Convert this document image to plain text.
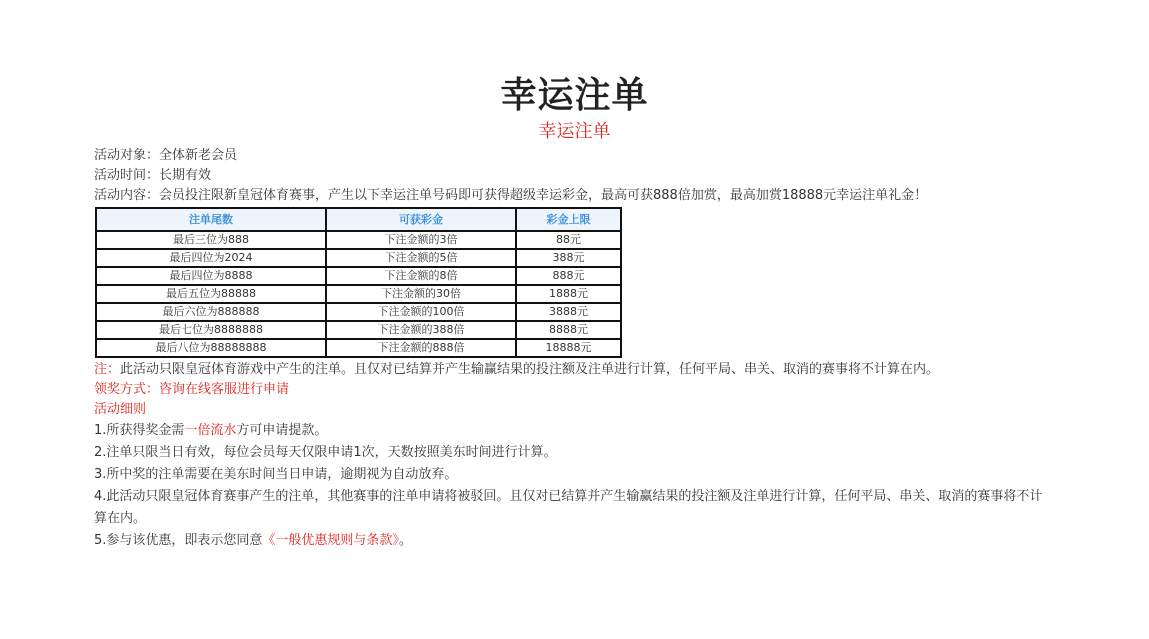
幸运注单
幸运注单
活动对象：全体新老会员
活动时间：长期有效
活动内容：会员投注限新皇冠体育赛事，产生以下幸运注单号码即可获得超级幸运彩金，最高可获888倍加赏，最高加赏18888元幸运注单礼金！
注单尾数	可获彩金	彩金上限
最后三位为888	下注金额的3倍	88元
最后四位为2024	下注金额的5倍	388元
最后四位为8888	下注金额的8倍	888元
最后五位为88888	下注金额的30倍	1888元
最后六位为888888	下注金额的100倍	3888元
最后七位为8888888	下注金额的388倍	8888元
最后八位为88888888	下注金额的888倍	18888元
注：此活动只限皇冠体育游戏中产生的注单。且仅对已结算并产生输赢结果的投注额及注单进行计算，任何平局、串关、取消的赛事将不计算在内。
领奖方式：咨询在线客服进行申请
活动细则
1.所获得奖金需一倍流水方可申请提款。
2.注单只限当日有效，每位会员每天仅限申请1次，天数按照美东时间进行计算。
3.所中奖的注单需要在美东时间当日申请，逾期视为自动放弃。
4.此活动只限皇冠体育赛事产生的注单，其他赛事的注单申请将被驳回。且仅对已结算并产生输赢结果的投注额及注单进行计算，任何平局、串关、取消的赛事将不计算在内。
5.参与该优惠，即表示您同意《一般优惠规则与条款》。
